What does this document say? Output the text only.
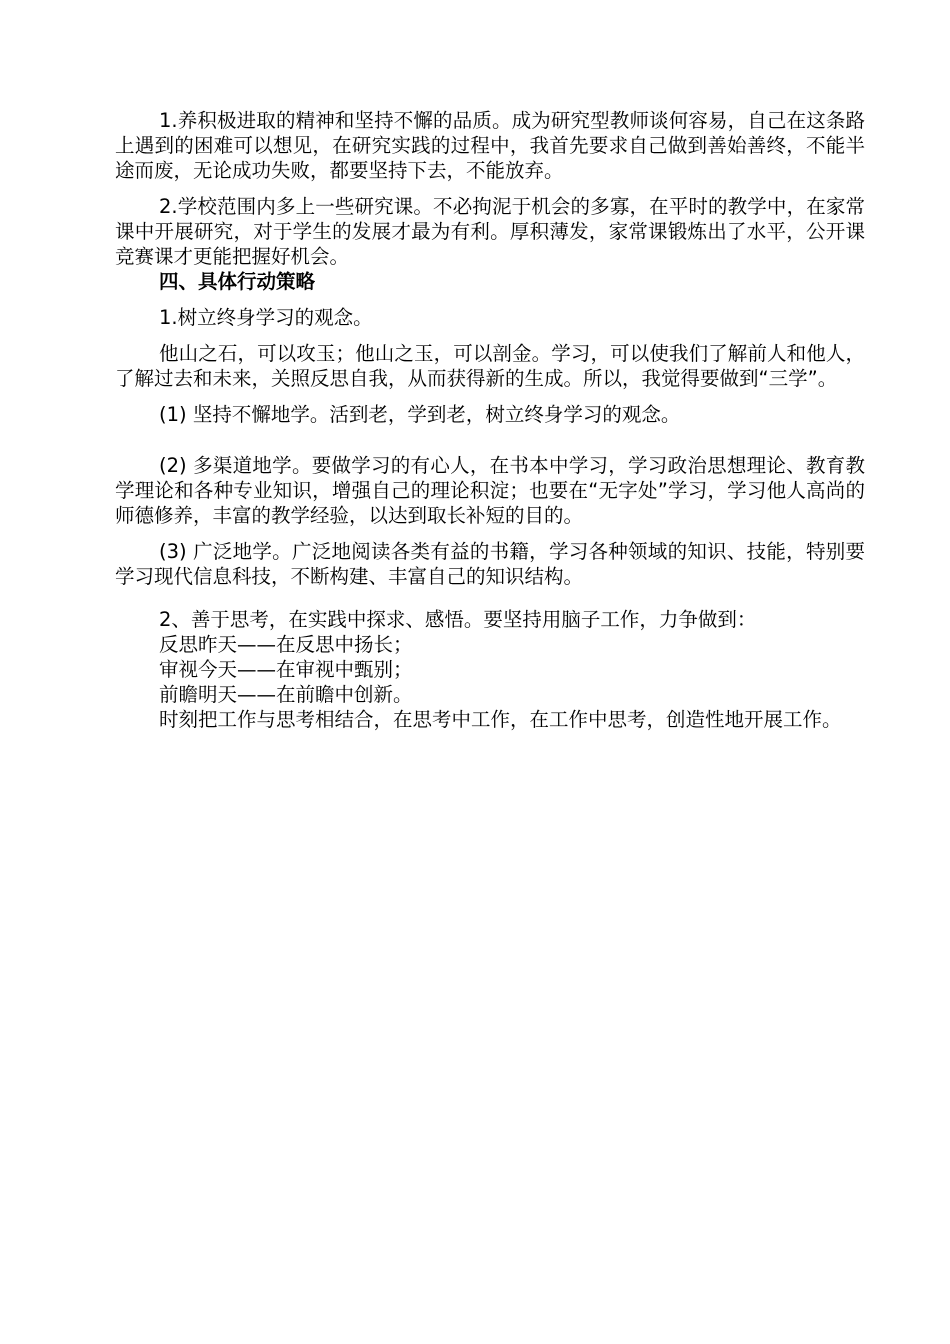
1.养积极进取的精神和坚持不懈的品质。成为研究型教师谈何容易，自己在这条路上遇到的困难可以想见，在研究实践的过程中，我首先要求自己做到善始善终，不能半途而废，无论成功失败，都要坚持下去，不能放弃。

2.学校范围内多上一些研究课。不必拘泥于机会的多寡，在平时的教学中，在家常课中开展研究，对于学生的发展才最为有利。厚积薄发，家常课锻炼出了水平，公开课竞赛课才更能把握好机会。

四、具体行动策略

1.树立终身学习的观念。

他山之石，可以攻玉；他山之玉，可以剖金。学习，可以使我们了解前人和他人，了解过去和未来，关照反思自我，从而获得新的生成。所以，我觉得要做到“三学”。

(1) 坚持不懈地学。活到老，学到老，树立终身学习的观念。

(2) 多渠道地学。要做学习的有心人，在书本中学习，学习政治思想理论、教育教学理论和各种专业知识，增强自己的理论积淀；也要在“无字处”学习，学习他人高尚的师德修养，丰富的教学经验，以达到取长补短的目的。

(3) 广泛地学。广泛地阅读各类有益的书籍，学习各种领域的知识、技能，特别要学习现代信息科技，不断构建、丰富自己的知识结构。

2、善于思考，在实践中探求、感悟。要坚持用脑子工作，力争做到：

反思昨天——在反思中扬长；

审视今天——在审视中甄别；

前瞻明天——在前瞻中创新。

时刻把工作与思考相结合，在思考中工作，在工作中思考，创造性地开展工作。
